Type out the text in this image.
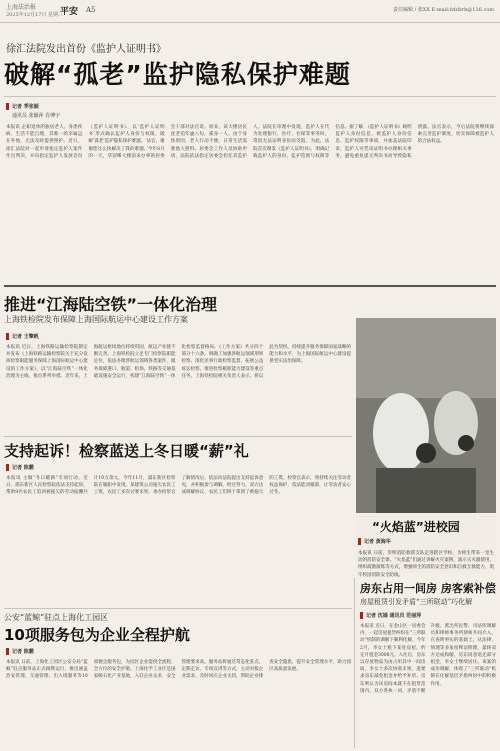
上海法治报
2025年12月17日 星期三
平安 A5	责任编辑 / 张XX E-mail:fzbfzrb@126.com
徐汇法院发出首份《监护人证明书》
破解“孤老”监护隐私保护难题
记者 季张颖
通讯员 张颖萍 肖博宇
本报讯 企职退休的独居老人、身患疾病，生活不能自理，其唯一的亲属远在外地，无法及时提供照护。近日，徐汇法院对一起申请指定监护人案件作出判决，并向指定监护人发放首份《监护人证明书》，以‘监护人证明书’形式确认监护人身份与权限，破解‘孤老’监护隐私保护难题。‘法官，谢谢您这么快解决了我的难题。’今年8月的一天，华迎晞大楼前来办事的居委会干部对法官说。原来，该大楼居民沈老伯年逾八旬，孤身一人。由于身体原因，老人行动不便，日常生活需要他人照料。居委会工作人员协助申请，法院依法指定居委会担任其监护人。法院在审理中发现，监护人在代为处理银行、医疗、社保等事务时，常因无法证明身份而受阻。为此，法院首次制发《监护人证明书》，明确记载监护人的身份、监护范围与权限等信息。据了解，《监护人证明书》载明监护人身份信息、被监护人身份信息、监护权限等事项，并加盖法院印章，监护人可凭该证明书办理相关事务，避免重复提交判决书而导致隐私泄露。法官表示，今后法院将继续探索完善监护制度，切实保障被监护人的合法权益。
推进“江海陆空铁”一体化治理
上海铁检院发布保障上海国际航运中心建设工作方案
记者 王擎帆
本报讯 近日，上海铁路运输检察院制定并发布《上海铁路运输检察院关于充分发挥检察职能服务保障上海国际航运中心建设的工作方案》，以“江海陆空铁”一体化治理为主线，推出系列举措。近年来，上海航运枢纽地位持续巩固，航运产业链不断完善。上海铁检院立足专门检察院职能定位，依法办理涉航运领域各类案件，服务保障港口、航道、机场、铁路等交通基础设施安全运行，构建“江海陆空铁”一体化检察监督格局。《工作方案》共分四个部分十六条，明确了加强涉航运领域刑事检察、深化民事行政检察监督、拓展公益诉讼检察、推进检察履职能力建设等重点任务。上海铁检院相关负责人表示，将以此为契机，持续提升服务保障国家战略的能力和水平，为上海国际航运中心建设提供坚实法治保障。
“火焰蓝”进校园
记者 黄海华
本报讯 日前，崇明消防救援支队走进辖区学校，为师生带来一堂生动的消防安全课。“火焰蓝”们通过讲解火灾案例、演示灭火器使用、组织疏散演练等方式，增强师生的消防安全意识和自救互救能力，筑牢校园消防安全防线。
支持起诉！检察蓝送上冬日暖“薪”礼
记者 陈鹏
本报讯 主做“冬日暖薪”专项行动，近日，浦东新区人民检察院依法支持起诉，帮助9名农民工追回被拖欠的劳动报酬共计10万余元。今年11月，浦东新区检察院在履职中发现，某建筑公司拖欠农民工工资，农民工多次讨要未果。承办检察官了解情况后，依法向法院提出支持起诉意见，并积极参与调解。经过努力，双方达成调解协议，农民工们终于拿到了被拖欠的工资。检察官表示，将持续关注劳动者权益保护，依法能动履职，让劳动者安心过冬。
公安“蓝鲸”驻点上海化工园区
10项服务包为企业全程护航
记者 陈鹏
本报讯 日前，上海化工园区公安分局“蓝鲸”驻点服务站正式揭牌运行，推出涵盖治安管理、交通管理、出入境服务等10项便企服务包，为园区企业提供全流程、全方位的安全护航。上海化学工业区是国家级石化产业基地，入驻企业众多，安全管理要求高。服务站将通过常态化驻点、定期走访、专项宣讲等方式，主动对接企业需求，及时回应企业关切，帮助企业排查安全隐患，提升安全管理水平，助力园区高质量发展。
房东占用一间房 房客索补偿
房屋租赁引发矛盾“三所联动”巧化解
记者 沈嫣 通讯员 范丽萍
本报讯 近日，在金山区一居委会内，一起房屋租赁纠纷在“三所联动”机制的调解下顺利化解。今年2月，李女士租下某处房屋，约定月租金3000元。入住后，房东以存放物品为由占用其中一间房间，李女士多次协商未果，遂要求房东减免租金并给予补偿。房东则认为该房间本就不在租赁范围内。双方各执一词，矛盾不断升级。派出所民警、司法所调解员和律师事务所律师共同介入，在查明事实的基础上，从法律、情理等多角度释法明理，最终双方达成和解，房东同意退还部分租金，李女士继续居住。该案的成功调解，体现了“三所联动”机制在化解基层矛盾纠纷中的积极作用。
